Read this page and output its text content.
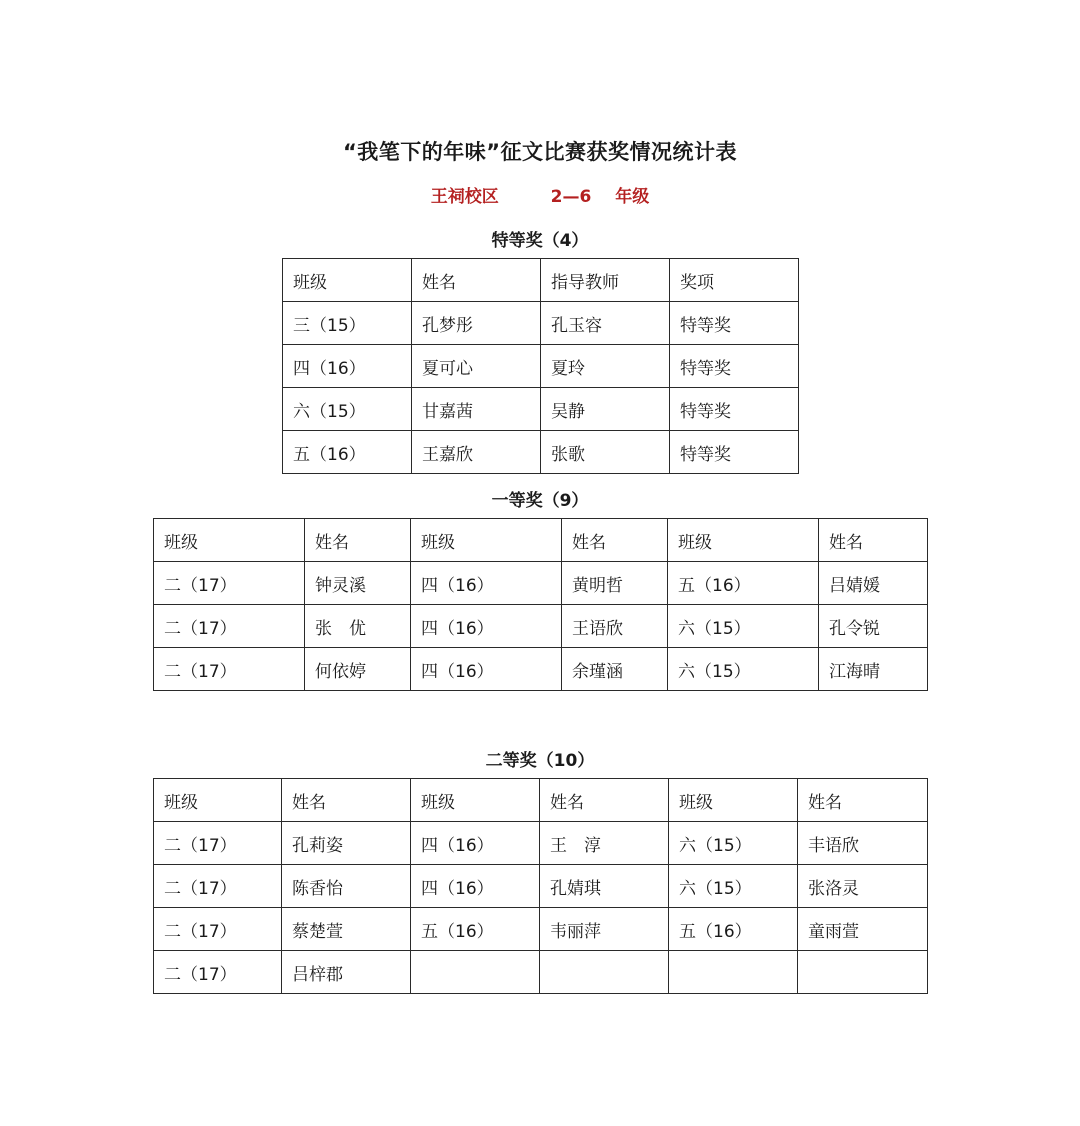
“我笔下的年味”征文比赛获奖情况统计表
王祠校区	2—6 年级
特等奖（4）
班级	姓名	指导教师	奖项
三（15）	孔梦彤	孔玉容	特等奖
四（16）	夏可心	夏玲	特等奖
六（15）	甘嘉茜	吴静	特等奖
五（16）	王嘉欣	张歌	特等奖
一等奖（9）
班级	姓名	班级	姓名	班级	姓名
二（17）	钟灵溪	四（16）	黄明哲	五（16）	吕婧媛
二（17）	张　优	四（16）	王语欣	六（15）	孔令锐
二（17）	何依婷	四（16）	余瑾涵	六（15）	江海晴
二等奖（10）
班级	姓名	班级	姓名	班级	姓名
二（17）	孔莉姿	四（16）	王　淳	六（15）	丰语欣
二（17）	陈香怡	四（16）	孔婧琪	六（15）	张洛灵
二（17）	蔡楚萱	五（16）	韦丽萍	五（16）	童雨萱
二（17）	吕梓郡				
